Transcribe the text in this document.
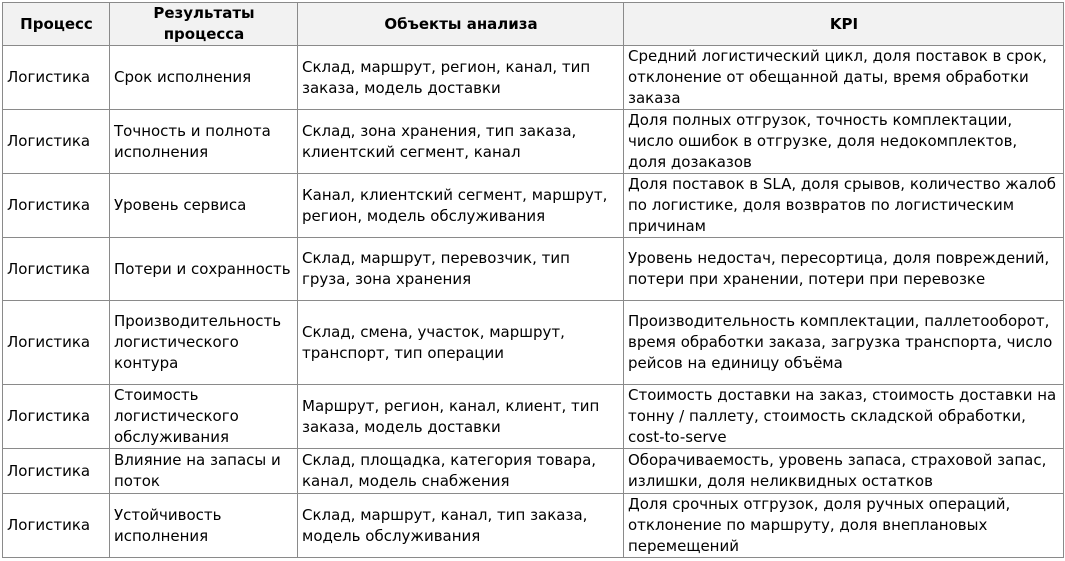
Процесс	Результаты процесса	Объекты анализа	KPI
Логистика	Срок исполнения	Склад, маршрут, регион, канал, тип заказа, модель доставки	Средний логистический цикл, доля поставок в срок, отклонение от обещанной даты, время обработки заказа
Логистика	Точность и полнота исполнения	Склад, зона хранения, тип заказа, клиентский сегмент, канал	Доля полных отгрузок, точность комплектации, число ошибок в отгрузке, доля недокомплектов, доля дозаказов
Логистика	Уровень сервиса	Канал, клиентский сегмент, маршрут, регион, модель обслуживания	Доля поставок в SLA, доля срывов, количество жалоб по логистике, доля возвратов по логистическим причинам
Логистика	Потери и сохранность	Склад, маршрут, перевозчик, тип груза, зона хранения	Уровень недостач, пересортица, доля повреждений, потери при хранении, потери при перевозке
Логистика	Производительность логистического контура	Склад, смена, участок, маршрут, транспорт, тип операции	Производительность комплектации, паллетооборот, время обработки заказа, загрузка транспорта, число рейсов на единицу объёма
Логистика	Стоимость логистического обслуживания	Маршрут, регион, канал, клиент, тип заказа, модель доставки	Стоимость доставки на заказ, стоимость доставки на тонну / паллету, стоимость складской обработки, cost-to-serve
Логистика	Влияние на запасы и поток	Склад, площадка, категория товара, канал, модель снабжения	Оборачиваемость, уровень запаса, страховой запас, излишки, доля неликвидных остатков
Логистика	Устойчивость исполнения	Склад, маршрут, канал, тип заказа, модель обслуживания	Доля срочных отгрузок, доля ручных операций, отклонение по маршруту, доля внеплановых перемещений
